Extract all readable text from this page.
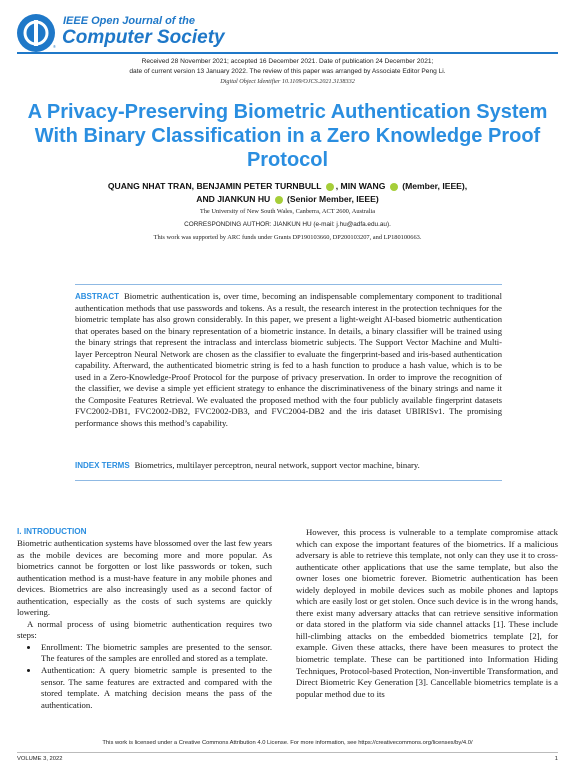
®
IEEE Open Journal of the
Computer Society
Received 28 November 2021; accepted 16 December 2021. Date of publication 24 December 2021;
date of current version 13 January 2022. The review of this paper was arranged by Associate Editor Peng Li.
Digital Object Identifier 10.1109/OJCS.2021.3138332
A Privacy-Preserving Biometric Authentication System With Binary Classification in a Zero Knowledge Proof Protocol
QUANG NHAT TRAN, BENJAMIN PETER TURNBULL , MIN WANG  (Member, IEEE),
AND JIANKUN HU  (Senior Member, IEEE)
The University of New South Wales, Canberra, ACT 2600, Australia
CORRESPONDING AUTHOR: JIANKUN HU (e-mail: j.hu@adfa.edu.au).
This work was supported by ARC funds under Grants DP190103660, DP200103207, and LP180100663.
ABSTRACT Biometric authentication is, over time, becoming an indispensable complementary component to traditional authentication methods that use passwords and tokens. As a result, the research interest in the protection techniques for the biometric template has also grown considerably. In this paper, we present a light-weight AI-based biometric authentication that operates based on the binary representation of a biometric instance. In details, a binary classifier will be trained using the binary strings that represent the intraclass and interclass biometric subjects. The Support Vector Machine and Multi-layer Perceptron Neural Network are chosen as the classifier to evaluate the fingerprint-based and iris-based authentication capability. Afterward, the authenticated biometric string is fed to a hash function to produce a hash value, which is to be used in a Zero-Knowledge-Proof Protocol for the purpose of privacy preservation. In order to improve the recognition of the classifier, we devise a simple yet efficient strategy to enhance the discriminativeness of the binary strings and name it the Composite Features Retrieval. We evaluated the proposed method with the four publicly available fingerprint datasets FVC2002-DB1, FVC2002-DB2, FVC2002-DB3, and FVC2004-DB2 and the iris dataset UBIRISv1. The promising performance shows this method’s capability.
INDEX TERMS Biometrics, multilayer perceptron, neural network, support vector machine, binary.
I. INTRODUCTION

Biometric authentication systems have blossomed over the last few years as the mobile devices are becoming more and more popular. As biometrics cannot be forgotten or lost like passwords or token, such authentication method is a must-have feature in any mobile phones and devices. Biometrics are also increasingly used as a second factor of authentication, especially as the costs of such systems are quickly lowering.

A normal process of using biometric authentication requires two steps:

• Enrollment: The biometric samples are presented to the sensor. The features of the samples are enrolled and stored as a template.
• Authentication: A query biometric sample is presented to the sensor. The same features are extracted and compared with the stored template. A matching decision means the pass of the authentication.

However, this process is vulnerable to a template compromise attack which can expose the important features of the biometrics. If a malicious adversary is able to retrieve this template, not only can they use it to cross-authenticate other applications that use the same template, but also the owner loses one biometric forever. Biometric authentication has been widely deployed in mobile devices such as mobile phones and laptops which are easily lost or get stolen. Once such device is in the wrong hands, there exist many adversary attacks that can retrieve sensitive information or data stored in the platform via side channel attacks [1]. These include hill-climbing attacks on the embedded biometrics template [2], for example. Given these attacks, there have been measures to protect the biometric template. These can be partitioned into Information Hiding Techniques, Protocol-based Protection, Non-invertible Transformation, and Direct Biometric Key Generation [3]. Cancellable biometrics template is a popular method due to its

This work is licensed under a Creative Commons Attribution 4.0 License. For more information, see https://creativecommons.org/licenses/by/4.0/
VOLUME 3, 2022	1
